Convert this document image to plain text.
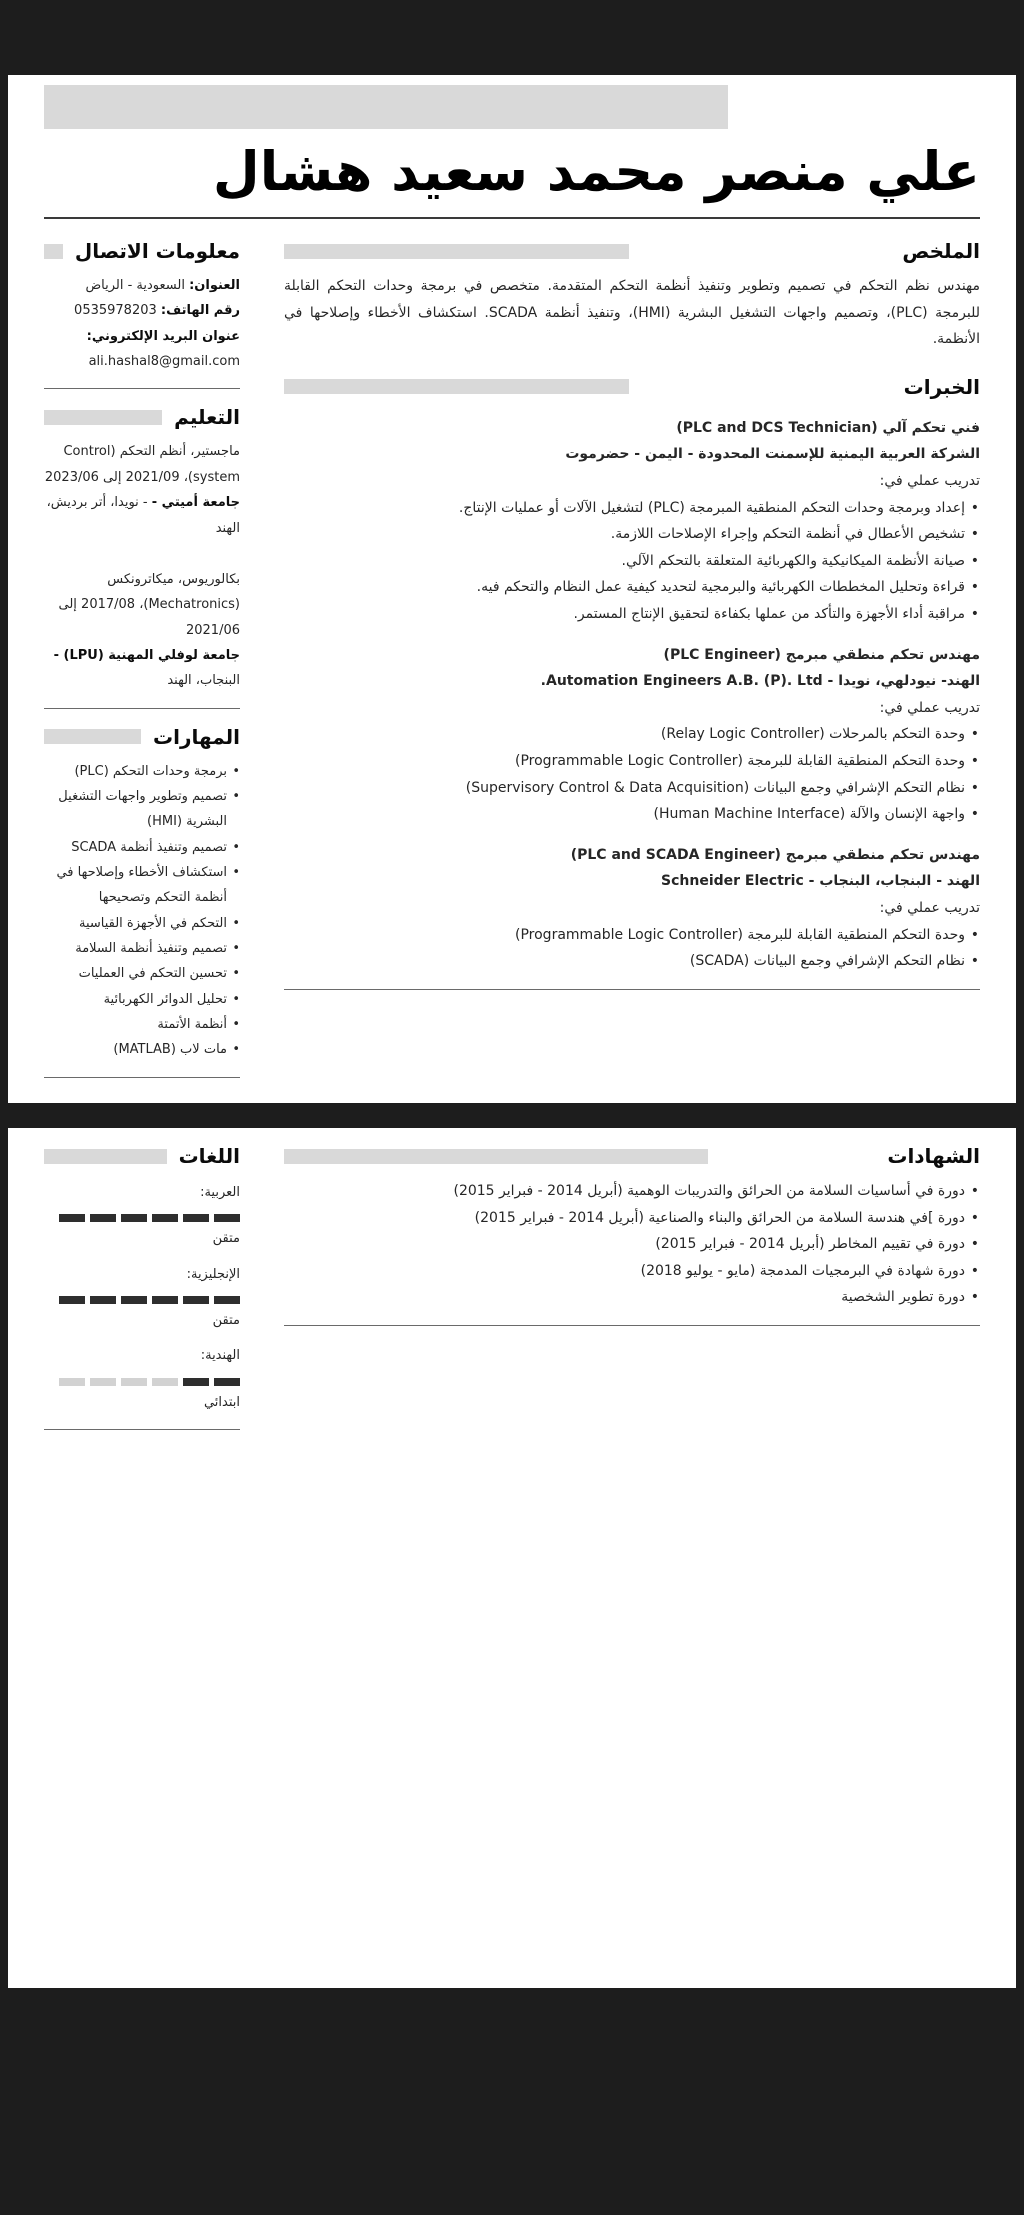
علي منصر محمد سعيد هشال
الملخص

مهندس نظم التحكم في تصميم وتطوير وتنفيذ أنظمة التحكم المتقدمة. متخصص في برمجة وحدات التحكم القابلة للبرمجة (PLC)، وتصميم واجهات التشغيل البشرية (HMI)، وتنفيذ أنظمة SCADA. استكشاف الأخطاء وإصلاحها في الأنظمة.

الخبرات

فني تحكم آلي (PLC and DCS Technician)

الشركة العربية اليمنية للإسمنت المحدودة - اليمن - حضرموت

تدريب عملي في:

• إعداد وبرمجة وحدات التحكم المنطقية المبرمجة (PLC) لتشغيل الآلات أو عمليات الإنتاج.
• تشخيص الأعطال في أنظمة التحكم وإجراء الإصلاحات اللازمة.
• صيانة الأنظمة الميكانيكية والكهربائية المتعلقة بالتحكم الآلي.
• قراءة وتحليل المخططات الكهربائية والبرمجية لتحديد كيفية عمل النظام والتحكم فيه.
• مراقبة أداء الأجهزة والتأكد من عملها بكفاءة لتحقيق الإنتاج المستمر.

مهندس تحكم منطقي مبرمج (PLC Engineer)

الهند- نيودلهي، نويدا - Automation Engineers A.B. (P). Ltd.

تدريب عملي في:

• وحدة التحكم بالمرحلات (Relay Logic Controller)
• وحدة التحكم المنطقية القابلة للبرمجة (Programmable Logic Controller)
• نظام التحكم الإشرافي وجمع البيانات (Supervisory Control & Data Acquisition)
• واجهة الإنسان والآلة (Human Machine Interface)

مهندس تحكم منطقي مبرمج (PLC and SCADA Engineer)

الهند - البنجاب، البنجاب - Schneider Electric

تدريب عملي في:

• وحدة التحكم المنطقية القابلة للبرمجة (Programmable Logic Controller)
• نظام التحكم الإشرافي وجمع البيانات (SCADA)
معلومات الاتصال

العنوان: السعودية - الرياض

رقم الهاتف: 0535978203

عنوان البريد الإلكتروني:

ali.hashal8@gmail.com

التعليم

ماجستير، أنظم التحكم (Control system)، 2021/09 إلى 2023/06

جامعة أميتي - - نويدا، أتر برديش، الهند

بكالوريوس، ميكاترونكس (Mechatronics)، 2017/08 إلى 2021/06

جامعة لوفلي المهنية (LPU) - البنجاب، الهند

المهارات
• برمجة وحدات التحكم (PLC)
• تصميم وتطوير واجهات التشغيل البشرية (HMI)
• تصميم وتنفيذ أنظمة SCADA
• استكشاف الأخطاء وإصلاحها في أنظمة التحكم وتصحيحها
• التحكم في الأجهزة القياسية
• تصميم وتنفيذ أنظمة السلامة
• تحسين التحكم في العمليات
• تحليل الدوائر الكهربائية
• أنظمة الأتمتة
• مات لاب (MATLAB)
الشهادات
• دورة في أساسيات السلامة من الحرائق والتدريبات الوهمية (أبريل 2014 - فبراير 2015)
• دورة ]في هندسة السلامة من الحرائق والبناء والصناعية (أبريل 2014 - فبراير 2015)
• دورة في تقييم المخاطر (أبريل 2014 - فبراير 2015)
• دورة شهادة في البرمجيات المدمجة (مايو - يوليو 2018)
• دورة تطوير الشخصية
اللغات

العربية:

متقن

الإنجليزية:

متقن

الهندية:

ابتدائي
